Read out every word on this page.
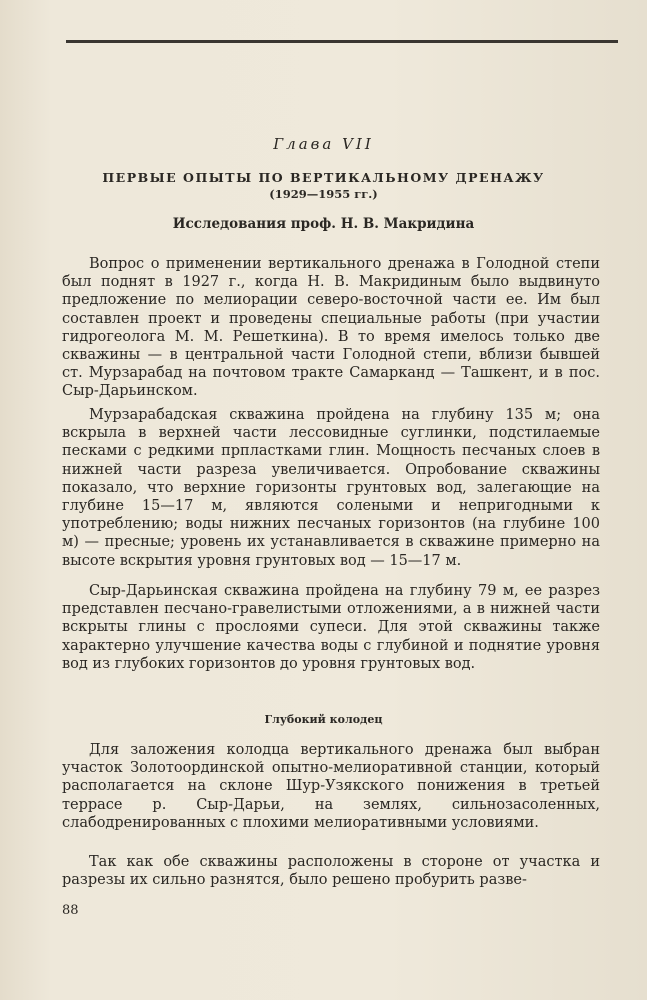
Глава VII
ПЕРВЫЕ ОПЫТЫ ПО ВЕРТИКАЛЬНОМУ ДРЕНАЖУ
(1929—1955 гг.)
Исследования проф. Н. В. Макридина

Вопрос о применении вертикального дренажа в Голодной степи был поднят в 1927 г., когда Н. В. Макридиным было выдвинуто предложение по мелиорации северо-восточной части ее. Им был составлен проект и проведены специальные работы (при участии гидрогеолога М. М. Решеткина). В то время имелось только две скважины — в центральной части Голодной степи, вблизи бывшей ст. Мурзарабад на почтовом тракте Самарканд — Ташкент, и в пос. Сыр-Дарьинском.

Мурзарабадская скважина пройдена на глубину 135 м; она вскрыла в верхней части лессовидные суглинки, подстилаемые песками с редкими прпластками глин. Мощность песчаных слоев в нижней части разреза увеличивается. Опробование скважины показало, что верхние горизонты грунтовых вод, залегающие на глубине 15—17 м, являются солеными и непригодными к употреблению; воды нижних песчаных горизонтов (на глубине 100 м) — пресные; уровень их устанавливается в скважине примерно на высоте вскрытия уровня грунтовых вод — 15—17 м.

Сыр-Дарьинская скважина пройдена на глубину 79 м, ее разрез представлен песчано-гравелистыми отложениями, а в нижней части вскрыты глины с прослоями супеси. Для этой скважины также характерно улучшение качества воды с глубиной и поднятие уровня вод из глубоких горизонтов до уровня грунтовых вод.

Глубокий колодец

Для заложения колодца вертикального дренажа был выбран участок Золотоординской опытно-мелиоративной станции, который располагается на склоне Шур-Узякского понижения в третьей террасе р. Сыр-Дарьи, на землях, сильнозасоленных, слабодренированных с плохими мелиоративными условиями.

Так как обе скважины расположены в стороне от участка и разрезы их сильно разнятся, было решено пробурить разве-

88
